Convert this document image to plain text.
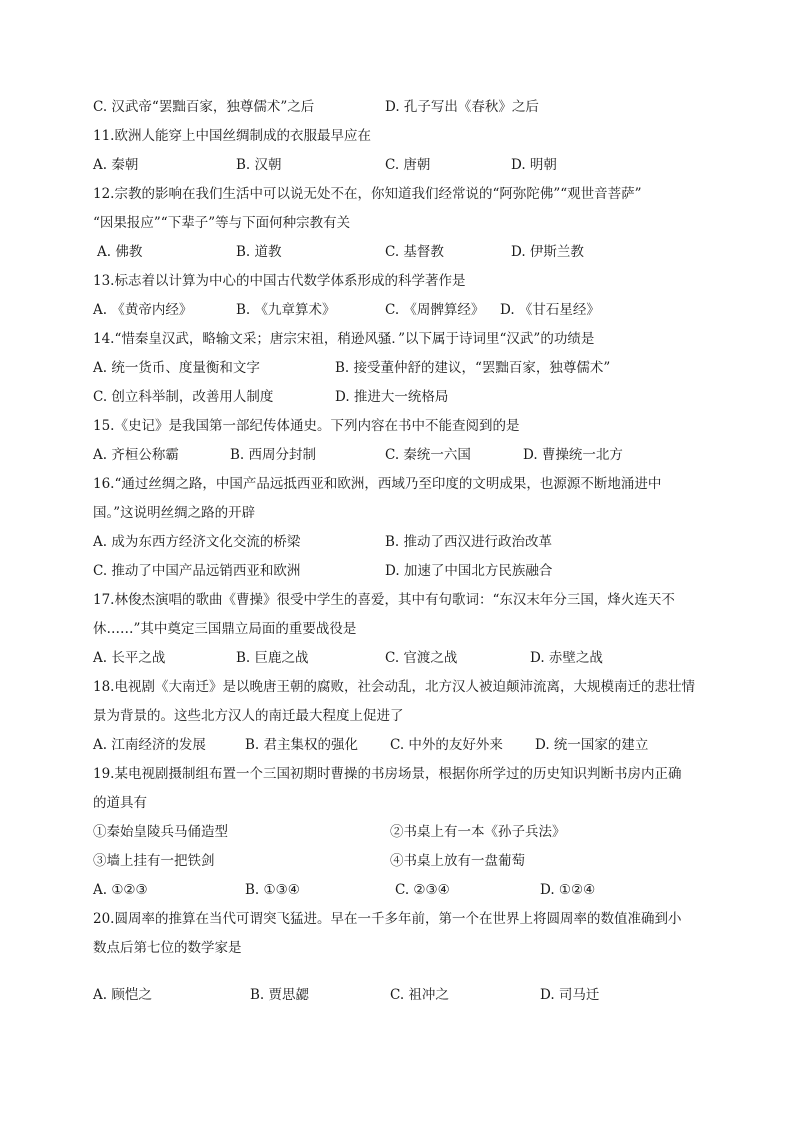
C. 汉武帝“罢黜百家，独尊儒术”之后	D. 孔子写出《春秋》之后
11.欧洲人能穿上中国丝绸制成的衣服最早应在
A. 秦朝	B. 汉朝	C. 唐朝	D. 明朝
12.宗教的影响在我们生活中可以说无处不在，你知道我们经常说的“阿弥陀佛”“观世音菩萨”
“因果报应”“下辈子”等与下面何种宗教有关
A. 佛教	B. 道教	C. 基督教	D. 伊斯兰教
13.标志着以计算为中心的中国古代数学体系形成的科学著作是
A. 《黄帝内经》	B. 《九章算术》	C. 《周髀算经》 D. 《甘石星经》
14.“惜秦皇汉武，略输文采；唐宗宋祖，稍逊风骚．”以下属于诗词里“汉武”的功绩是
A. 统一货币、度量衡和文字	B. 接受董仲舒的建议，“罢黜百家，独尊儒术”
C. 创立科举制，改善用人制度	D. 推进大一统格局
15.《史记》是我国第一部纪传体通史。下列内容在书中不能查阅到的是
A. 齐桓公称霸	B. 西周分封制	C. 秦统一六国	D. 曹操统一北方
16.“通过丝绸之路，中国产品远抵西亚和欧洲，西域乃至印度的文明成果，也源源不断地涌进中
国。”这说明丝绸之路的开辟
A. 成为东西方经济文化交流的桥梁	B. 推动了西汉进行政治改革
C. 推动了中国产品远销西亚和欧洲	D. 加速了中国北方民族融合
17.林俊杰演唱的歌曲《曹操》很受中学生的喜爱，其中有句歌词：“东汉末年分三国，烽火连天不
休……”其中奠定三国鼎立局面的重要战役是
A. 长平之战	B. 巨鹿之战	C. 官渡之战	D. 赤壁之战
18.电视剧《大南迁》是以晚唐王朝的腐败，社会动乱，北方汉人被迫颠沛流离，大规模南迁的悲壮情
景为背景的。这些北方汉人的南迁最大程度上促进了
A. 江南经济的发展	B. 君主集权的强化 C. 中外的友好外来 D. 统一国家的建立
19.某电视剧摄制组布置一个三国初期时曹操的书房场景，根据你所学过的历史知识判断书房内正确
的道具有
①秦始皇陵兵马俑造型	②书桌上有一本《孙子兵法》
③墙上挂有一把铁剑	④书桌上放有一盘葡萄
A. ①②③	B. ①③④	C. ②③④	D. ①②④
20.圆周率的推算在当代可谓突飞猛进。早在一千多年前，第一个在世界上将圆周率的数值准确到小
数点后第七位的数学家是
A. 顾恺之	B. 贾思勰	C. 祖冲之	D. 司马迁
